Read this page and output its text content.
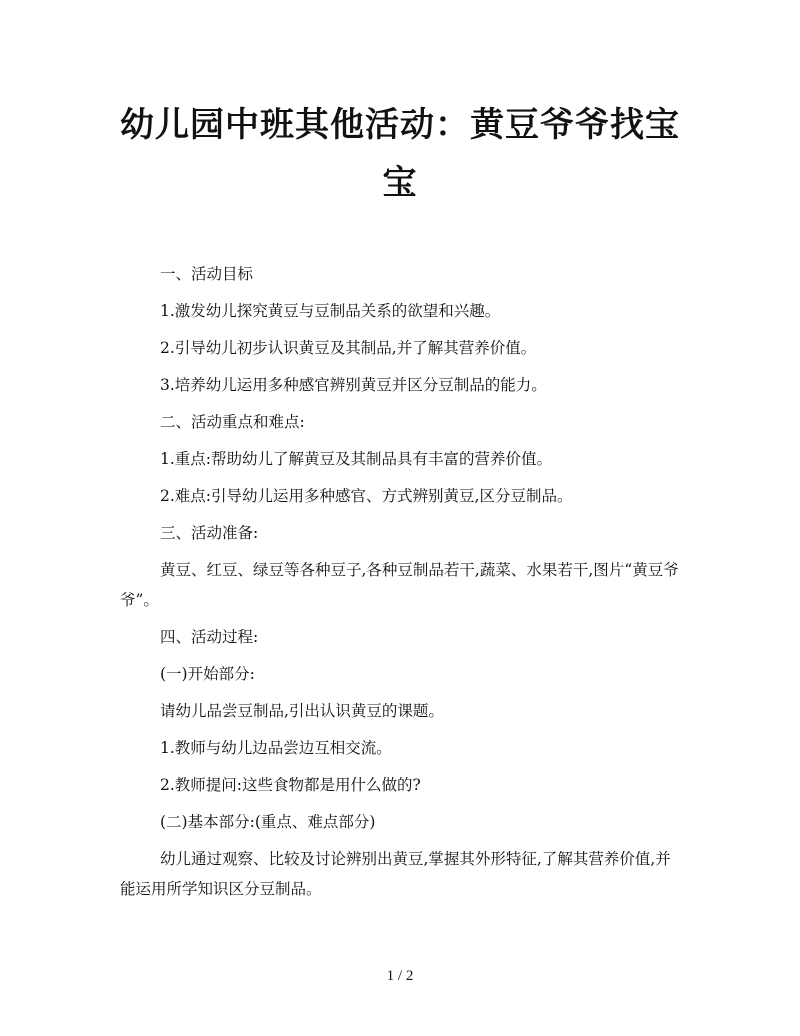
幼儿园中班其他活动：黄豆爷爷找宝宝

一、活动目标

1.激发幼儿探究黄豆与豆制品关系的欲望和兴趣。

2.引导幼儿初步认识黄豆及其制品,并了解其营养价值。

3.培养幼儿运用多种感官辨别黄豆并区分豆制品的能力。

二、活动重点和难点:

1.重点:帮助幼儿了解黄豆及其制品具有丰富的营养价值。

2.难点:引导幼儿运用多种感官、方式辨别黄豆,区分豆制品。

三、活动准备:

黄豆、红豆、绿豆等各种豆子,各种豆制品若干,蔬菜、水果若干,图片“黄豆爷爷”。

四、活动过程:

(一)开始部分:

请幼儿品尝豆制品,引出认识黄豆的课题。

1.教师与幼儿边品尝边互相交流。

2.教师提问:这些食物都是用什么做的?

(二)基本部分:(重点、难点部分)

幼儿通过观察、比较及讨论辨别出黄豆,掌握其外形特征,了解其营养价值,并能运用所学知识区分豆制品。

1 / 2
